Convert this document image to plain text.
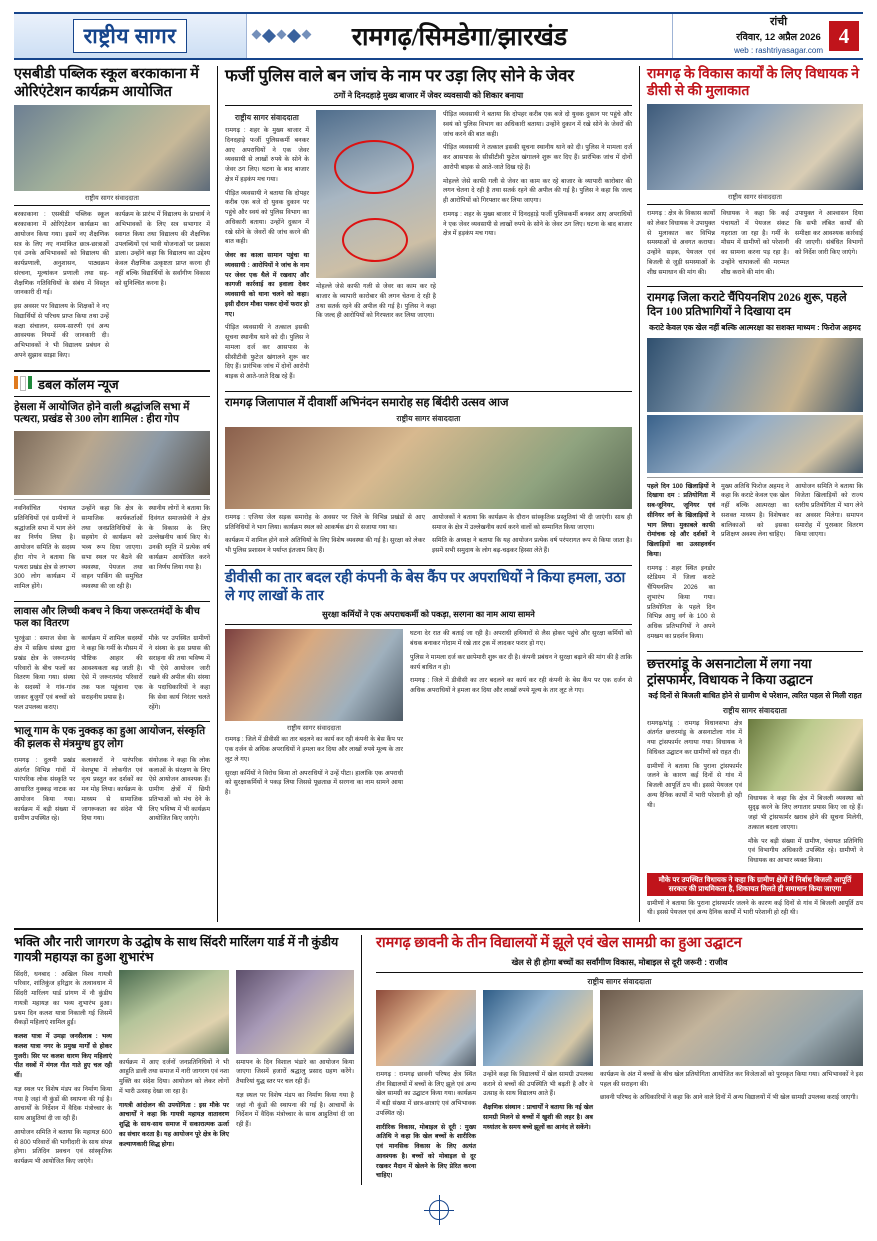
राष्ट्रीय सागर	रामगढ़/सिमडेगा/झारखंड
रांची
रविवार, 12 अप्रैल 2026
web : rashtriyasagar.com
4
एसबीडी पब्लिक स्कूल बरकाकाना में ओरिएंटेशन कार्यक्रम आयोजित
राष्ट्रीय सागर संवाददाता

बरकाकाना : एसबीडी पब्लिक स्कूल बरकाकाना में ओरिएंटेशन कार्यक्रम का आयोजन किया गया। इसमें नए शैक्षणिक सत्र के लिए नए नामांकित छात्र-छात्राओं एवं उनके अभिभावकों को विद्यालय की कार्यप्रणाली, अनुशासन, पाठ्यक्रम संरचना, मूल्यांकन प्रणाली तथा सह-शैक्षणिक गतिविधियों के संबंध में विस्तृत जानकारी दी गई।

इस अवसर पर विद्यालय के शिक्षकों ने नए विद्यार्थियों से परिचय प्राप्त किया तथा उन्हें कक्षा संचालन, समय-सारणी एवं अन्य आवश्यक नियमों की जानकारी दी। अभिभावकों ने भी विद्यालय प्रबंधन से अपने सुझाव साझा किए।

कार्यक्रम के प्रारंभ में विद्यालय के प्राचार्य ने अभिभावकों के लिए सत्र सभागार में स्वागत किया तथा विद्यालय की शैक्षणिक उपलब्धियों एवं भावी योजनाओं पर प्रकाश डाला। उन्होंने कहा कि विद्यालय का उद्देश्य केवल शैक्षणिक उत्कृष्टता प्राप्त करना ही नहीं बल्कि विद्यार्थियों के सर्वांगीण विकास को सुनिश्चित करना है।

डबल कॉलम न्यूज
हेसला में आयोजित होने वाली श्रद्धांजलि सभा में पत्थरा, प्रखंड से 300 लोग शामिल : हीरा गोप

नवनिर्वाचित पंचायत प्रतिनिधियों एवं ग्रामीणों ने श्रद्धांजलि सभा में भाग लेने का निर्णय लिया है। आयोजन समिति के सदस्य हीरा गोप ने बताया कि पत्थरा प्रखंड क्षेत्र से लगभग 300 लोग कार्यक्रम में शामिल होंगे।

उन्होंने कहा कि क्षेत्र के सामाजिक कार्यकर्ताओं तथा जनप्रतिनिधियों के सहयोग से कार्यक्रम को भव्य रूप दिया जाएगा। सभा स्थल पर बैठने की व्यवस्था, पेयजल तथा वाहन पार्किंग की समुचित व्यवस्था की जा रही है।

स्थानीय लोगों ने बताया कि दिवंगत समाजसेवी ने क्षेत्र के विकास के लिए उल्लेखनीय कार्य किए थे। उनकी स्मृति में प्रत्येक वर्ष कार्यक्रम आयोजित करने का निर्णय लिया गया है।

लावास और लिच्ची कबच ने किया जरूरतमंदों के बीच फल का वितरण

भुरकुंडा : समाज सेवा के क्षेत्र में सक्रिय संस्था द्वारा प्रखंड क्षेत्र के जरूरतमंद परिवारों के बीच फलों का वितरण किया गया। संस्था के सदस्यों ने गांव-गांव जाकर बुजुर्गों एवं बच्चों को फल उपलब्ध कराए।

कार्यक्रम में शामिल सदस्यों ने कहा कि गर्मी के मौसम में पौष्टिक आहार की आवश्यकता बढ़ जाती है। ऐसे में जरूरतमंद परिवारों तक फल पहुंचाना एक सराहनीय प्रयास है।

मौके पर उपस्थित ग्रामीणों ने संस्था के इस प्रयास की सराहना की तथा भविष्य में भी ऐसे आयोजन जारी रखने की अपील की। संस्था के पदाधिकारियों ने कहा कि सेवा कार्य निरंतर चलते रहेंगे।

भालू गाम के एक नुक्कड़ का हुआ आयोजन, संस्कृति की झलक से मंत्रमुग्ध हुए लोग

रामगढ़ : दुलमी प्रखंड अंतर्गत विभिन्न गांवों में पारंपरिक लोक संस्कृति पर आधारित नुक्कड़ नाटक का आयोजन किया गया। कार्यक्रम में बड़ी संख्या में ग्रामीण उपस्थित रहे।

कलाकारों ने पारंपरिक वेशभूषा में लोकगीत एवं नृत्य प्रस्तुत कर दर्शकों का मन मोह लिया। कार्यक्रम के माध्यम से सामाजिक जागरूकता का संदेश भी दिया गया।

संयोजक ने कहा कि लोक कलाओं के संरक्षण के लिए ऐसे आयोजन आवश्यक हैं। ग्रामीण क्षेत्रों में छिपी प्रतिभाओं को मंच देने के लिए भविष्य में भी कार्यक्रम आयोजित किए जाएंगे।

फर्जी पुलिस वाले बन जांच के नाम पर उड़ा लिए सोने के जेवर
ठगों ने दिनदहाड़े मुख्य बाजार में जेवर व्यवसायी को शिकार बनाया
राष्ट्रीय सागर संवाददाता

रामगढ़ : शहर के मुख्य बाजार में दिनदहाड़े फर्जी पुलिसकर्मी बनकर आए अपराधियों ने एक जेवर व्यवसायी से लाखों रुपये के सोने के जेवर ठग लिए। घटना के बाद बाजार क्षेत्र में हड़कंप मच गया।

पीड़ित व्यवसायी ने बताया कि दोपहर करीब एक बजे दो युवक दुकान पर पहुंचे और स्वयं को पुलिस विभाग का अधिकारी बताया। उन्होंने दुकान में रखे सोने के जेवरों की जांच करने की बात कही।

जेवर का काला सामान पहुंचा था व्यवसायी : आरोपियों ने जांच के नाम पर जेवर एक थैले में रखवाए और कागजी कार्रवाई का हवाला देकर व्यवसायी को थाना चलने को कहा। इसी दौरान मौका पाकर दोनों फरार हो गए।

पीड़ित व्यवसायी ने तत्काल इसकी सूचना स्थानीय थाने को दी। पुलिस ने मामला दर्ज कर आसपास के सीसीटीवी फुटेज खंगालने शुरू कर दिए हैं। प्रारंभिक जांच में दोनों आरोपी बाइक से आते-जाते दिख रहे हैं।

मोहल्ले जेसे काफी गली से जेवर का काम कर रहे बाजार के व्यापारी कारोबार की लगन चेतना दे रही है तथा सतर्क रहने की अपील की गई है। पुलिस ने कहा कि जल्द ही आरोपियों को गिरफ्तार कर लिया जाएगा।

पीड़ित व्यवसायी ने बताया कि दोपहर करीब एक बजे दो युवक दुकान पर पहुंचे और स्वयं को पुलिस विभाग का अधिकारी बताया। उन्होंने दुकान में रखे सोने के जेवरों की जांच करने की बात कही।

पीड़ित व्यवसायी ने तत्काल इसकी सूचना स्थानीय थाने को दी। पुलिस ने मामला दर्ज कर आसपास के सीसीटीवी फुटेज खंगालने शुरू कर दिए हैं। प्रारंभिक जांच में दोनों आरोपी बाइक से आते-जाते दिख रहे हैं।

मोहल्ले जेसे काफी गली से जेवर का काम कर रहे बाजार के व्यापारी कारोबार की लगन चेतना दे रही है तथा सतर्क रहने की अपील की गई है। पुलिस ने कहा कि जल्द ही आरोपियों को गिरफ्तार कर लिया जाएगा।

रामगढ़ : शहर के मुख्य बाजार में दिनदहाड़े फर्जी पुलिसकर्मी बनकर आए अपराधियों ने एक जेवर व्यवसायी से लाखों रुपये के सोने के जेवर ठग लिए। घटना के बाद बाजार क्षेत्र में हड़कंप मच गया।

रामगढ़ जिलापाल में दीवार्शी अभिनंदन समारोह सह बिंदीरी उत्सव आज
राष्ट्रीय सागर संवाददाता

रामगढ़ : एजिया जेल सड़क समारोह के अवसर पर जिले के विभिन्न प्रखंडों से आए प्रतिनिधियों ने भाग लिया। कार्यक्रम स्थल को आकर्षक ढंग से सजाया गया था।

कार्यक्रम में शामिल होने वाले अतिथियों के लिए विशेष व्यवस्था की गई है। सुरक्षा को लेकर भी पुलिस प्रशासन ने पर्याप्त इंतजाम किए हैं।

आयोजकों ने बताया कि कार्यक्रम के दौरान सांस्कृतिक प्रस्तुतियां भी दी जाएंगी। साथ ही समाज के क्षेत्र में उल्लेखनीय कार्य करने वालों को सम्मानित किया जाएगा।

समिति के अध्यक्ष ने बताया कि यह आयोजन प्रत्येक वर्ष परंपरागत रूप से किया जाता है। इसमें सभी समुदाय के लोग बढ़-चढ़कर हिस्सा लेते हैं।

डीवीसी का तार बदल रही कंपनी के बेस कैंप पर अपराधियों ने किया हमला, उठा ले गए लाखों के तार
सुरक्षा कर्मियों ने एक अपराधकर्मी को पकड़ा, सरगना का नाम आया सामने
राष्ट्रीय सागर संवाददाता

रामगढ़ : जिले में डीवीसी का तार बदलने का कार्य कर रही कंपनी के बेस कैंप पर एक दर्जन से अधिक अपराधियों ने हमला कर दिया और लाखों रुपये मूल्य के तार लूट ले गए।

सुरक्षा कर्मियों ने विरोध किया तो अपराधियों ने उन्हें पीटा। हालांकि एक अपराधी को सुरक्षाकर्मियों ने पकड़ लिया जिससे पूछताछ में सरगना का नाम सामने आया है।

घटना देर रात की बताई जा रही है। अपराधी हथियारों से लैस होकर पहुंचे और सुरक्षा कर्मियों को बंधक बनाकर गोदाम में रखे तार ट्रक में लादकर फरार हो गए।

पुलिस ने मामला दर्ज कर छापेमारी शुरू कर दी है। कंपनी प्रबंधन ने सुरक्षा बढ़ाने की मांग की है ताकि कार्य बाधित न हो।

रामगढ़ : जिले में डीवीसी का तार बदलने का कार्य कर रही कंपनी के बेस कैंप पर एक दर्जन से अधिक अपराधियों ने हमला कर दिया और लाखों रुपये मूल्य के तार लूट ले गए।

रामगढ़ के विकास कार्यों के लिए विधायक ने डीसी से की मुलाकात
राष्ट्रीय सागर संवाददाता

रामगढ़ : क्षेत्र के विकास कार्यों को लेकर विधायक ने उपायुक्त से मुलाकात कर विभिन्न समस्याओं से अवगत कराया। उन्होंने सड़क, पेयजल एवं बिजली से जुड़ी समस्याओं के शीघ्र समाधान की मांग की।

विधायक ने कहा कि कई पंचायतों में पेयजल संकट गहराता जा रहा है। गर्मी के मौसम में ग्रामीणों को परेशानी का सामना करना पड़ रहा है। उन्होंने चापाकलों की मरम्मत शीघ्र कराने की मांग की।

उपायुक्त ने आश्वासन दिया कि सभी लंबित कार्यों की समीक्षा कर आवश्यक कार्रवाई की जाएगी। संबंधित विभागों को निर्देश जारी किए जाएंगे।

रामगढ़ जिला कराटे चैंपियनशिप 2026 शुरू, पहले दिन 100 प्रतिभागियों ने दिखाया दम
कराटे केवल एक खेल नहीं बल्कि आत्मरक्षा का सशक्त माध्यम : फिरोज अहमद

पहले दिन 100 खिलाड़ियों ने दिखाया दम : प्रतियोगिता में सब-जूनियर, जूनियर एवं सीनियर वर्ग के खिलाड़ियों ने भाग लिया। मुकाबले काफी रोमांचक रहे और दर्शकों ने खिलाड़ियों का उत्साहवर्धन किया।

रामगढ़ : शहर स्थित इनडोर स्टेडियम में जिला कराटे चैंपियनशिप 2026 का शुभारंभ किया गया। प्रतियोगिता के पहले दिन विभिन्न आयु वर्ग के 100 से अधिक प्रतिभागियों ने अपने दमखम का प्रदर्शन किया।

मुख्य अतिथि फिरोज अहमद ने कहा कि कराटे केवल एक खेल नहीं बल्कि आत्मरक्षा का सशक्त माध्यम है। विशेषकर बालिकाओं को इसका प्रशिक्षण अवश्य लेना चाहिए।

आयोजन समिति ने बताया कि विजेता खिलाड़ियों को राज्य स्तरीय प्रतियोगिता में भाग लेने का अवसर मिलेगा। समापन समारोह में पुरस्कार वितरण किया जाएगा।

छत्तरमांडू के असनाटोला में लगा नया ट्रांसफार्मर, विधायक ने किया उद्घाटन
कई दिनों से बिजली बाधित होने से ग्रामीण थे परेशान, त्वरित पहल से मिली राहत
राष्ट्रीय सागर संवाददाता

रामगढ़/मांडू : रामगढ़ विधानसभा क्षेत्र अंतर्गत छत्तरमांडू के असनाटोला गांव में नया ट्रांसफार्मर लगाया गया। विधायक ने विधिवत उद्घाटन कर ग्रामीणों को राहत दी।

ग्रामीणों ने बताया कि पुराना ट्रांसफार्मर जलने के कारण कई दिनों से गांव में बिजली आपूर्ति ठप थी। इससे पेयजल एवं अन्य दैनिक कार्यों में भारी परेशानी हो रही थी।

विधायक ने कहा कि क्षेत्र में बिजली व्यवस्था को सुदृढ़ करने के लिए लगातार प्रयास किए जा रहे हैं। जहां भी ट्रांसफार्मर खराब होने की सूचना मिलेगी, तत्काल बदला जाएगा।

मौके पर बड़ी संख्या में ग्रामीण, पंचायत प्रतिनिधि एवं विभागीय अधिकारी उपस्थित रहे। ग्रामीणों ने विधायक का आभार व्यक्त किया।

मौके पर उपस्थित विधायक ने कहा कि ग्रामीण क्षेत्रों में निर्बाध बिजली आपूर्ति सरकार की प्राथमिकता है, शिकायत मिलते ही समाधान किया जाएगा

ग्रामीणों ने बताया कि पुराना ट्रांसफार्मर जलने के कारण कई दिनों से गांव में बिजली आपूर्ति ठप थी। इससे पेयजल एवं अन्य दैनिक कार्यों में भारी परेशानी हो रही थी।

भक्ति और नारी जागरण के उद्घोष के साथ सिंदरी मारिंलग यार्ड में नौ कुंडीय गायत्री महायज्ञ का हुआ शुभारंभ

सिंदरी, धनबाद : अखिल विश्व गायत्री परिवार, शांतिकुंज हरिद्वार के तत्वावधान में सिंदरी मारिंलग यार्ड प्रांगण में नौ कुंडीय गायत्री महायज्ञ का भव्य शुभारंभ हुआ। प्रथम दिन कलश यात्रा निकाली गई जिसमें सैकड़ों महिलाएं शामिल हुईं।

कलश यात्रा में उमड़ा जनसैलाब : भव्य कलश यात्रा नगर के प्रमुख मार्गों से होकर गुजरी। सिर पर कलश धारण किए महिलाएं पीत वस्त्रों में मंगल गीत गाते हुए चल रही थीं।

यज्ञ स्थल पर विशेष मंडप का निर्माण किया गया है जहां नौ कुंडों की स्थापना की गई है। आचार्यों के निर्देशन में वैदिक मंत्रोच्चार के साथ आहुतियां दी जा रही हैं।

आयोजन समिति ने बताया कि महायज्ञ 600 से 800 परिवारों की भागीदारी के साथ संपन्न होगा। प्रतिदिन प्रवचन एवं सांस्कृतिक कार्यक्रम भी आयोजित किए जाएंगे।

कार्यक्रम में आए दर्जनों जनप्रतिनिधियों ने भी आहुति डाली तथा समाज में नारी जागरण एवं नशा मुक्ति का संदेश दिया। आयोजन को लेकर लोगों में भारी उत्साह देखा जा रहा है।

गायत्री आंदोलन की उपयोगिता : इस मौके पर आचार्यों ने कहा कि गायत्री महायज्ञ वातावरण शुद्धि के साथ-साथ समाज में सकारात्मक ऊर्जा का संचार करता है। यह आयोजन पूरे क्षेत्र के लिए कल्याणकारी सिद्ध होगा।

समापन के दिन विशाल भंडारे का आयोजन किया जाएगा जिसमें हजारों श्रद्धालु प्रसाद ग्रहण करेंगे। तैयारियां युद्ध स्तर पर चल रही हैं।

यज्ञ स्थल पर विशेष मंडप का निर्माण किया गया है जहां नौ कुंडों की स्थापना की गई है। आचार्यों के निर्देशन में वैदिक मंत्रोच्चार के साथ आहुतियां दी जा रही हैं।

रामगढ़ छावनी के तीन विद्यालयों में झूले एवं खेल सामग्री का हुआ उद्घाटन
खेल से ही होगा बच्चों का सर्वांगीण विकास, मोबाइल से दूरी जरूरी : राजीव
राष्ट्रीय सागर संवाददाता

रामगढ़ : रामगढ़ छावनी परिषद क्षेत्र स्थित तीन विद्यालयों में बच्चों के लिए झूले एवं अन्य खेल सामग्री का उद्घाटन किया गया। कार्यक्रम में बड़ी संख्या में छात्र-छात्राएं एवं अभिभावक उपस्थित रहे।

शारीरिक विकास, मोबाइल से दूरी : मुख्य अतिथि ने कहा कि खेल बच्चों के शारीरिक एवं मानसिक विकास के लिए अत्यंत आवश्यक है। बच्चों को मोबाइल से दूर रखकर मैदान में खेलने के लिए प्रेरित करना चाहिए।

उन्होंने कहा कि विद्यालयों में खेल सामग्री उपलब्ध कराने से बच्चों की उपस्थिति भी बढ़ती है और वे उत्साह के साथ विद्यालय आते हैं।

शैक्षणिक संस्थान : प्राचार्यों ने बताया कि नई खेल सामग्री मिलने से बच्चों में खुशी की लहर है। अब मध्यांतर के समय बच्चे झूलों का आनंद ले सकेंगे।

कार्यक्रम के अंत में बच्चों के बीच खेल प्रतियोगिता आयोजित कर विजेताओं को पुरस्कृत किया गया। अभिभावकों ने इस पहल की सराहना की।

छावनी परिषद के अधिकारियों ने कहा कि आने वाले दिनों में अन्य विद्यालयों में भी खेल सामग्री उपलब्ध कराई जाएगी।
